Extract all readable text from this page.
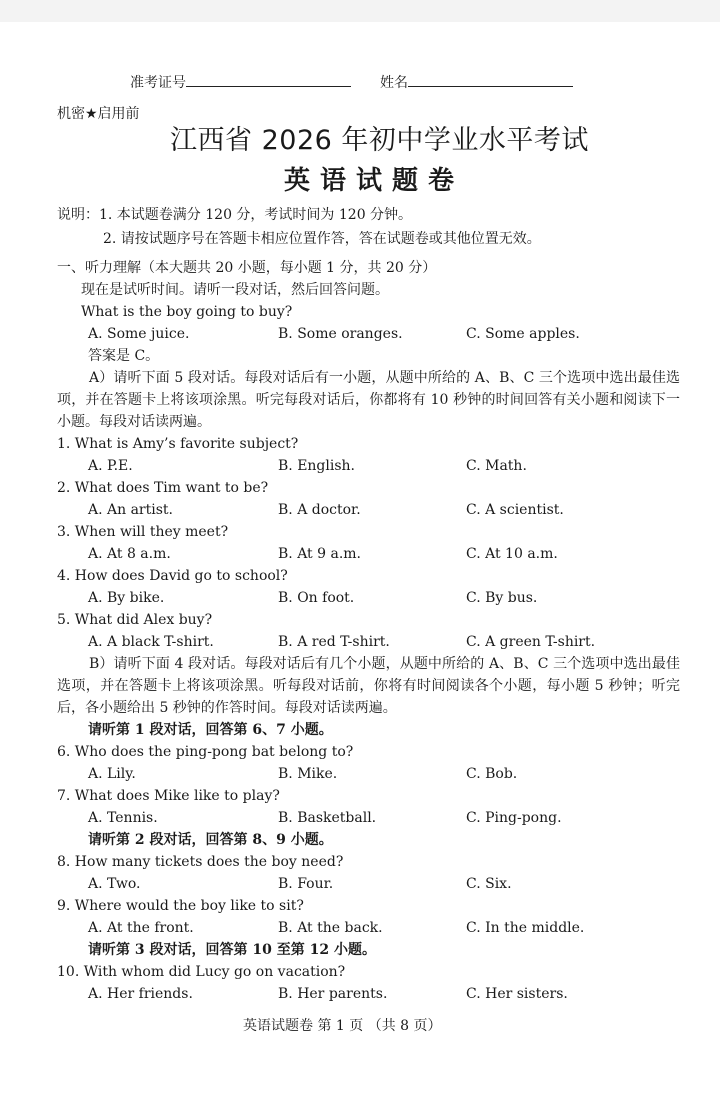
准考证号	姓名
机密★启用前
江西省 2026 年初中学业水平考试
英语试题卷
说明：1. 本试题卷满分 120 分，考试时间为 120 分钟。
2. 请按试题序号在答题卡相应位置作答，答在试题卷或其他位置无效。
一、听力理解（本大题共 20 小题，每小题 1 分，共 20 分）
现在是试听时间。请听一段对话，然后回答问题。
What is the boy going to buy?
A. Some juice.	B. Some oranges.	C. Some apples.
答案是 C。
A）请听下面 5 段对话。每段对话后有一小题，从题中所给的 A、B、C 三个选项中选出最佳选项，并在答题卡上将该项涂黑。听完每段对话后，你都将有 10 秒钟的时间回答有关小题和阅读下一小题。每段对话读两遍。
1. What is Amy’s favorite subject?
A. P.E.	B. English.	C. Math.
2. What does Tim want to be?
A. An artist.	B. A doctor.	C. A scientist.
3. When will they meet?
A. At 8 a.m.	B. At 9 a.m.	C. At 10 a.m.
4. How does David go to school?
A. By bike.	B. On foot.	C. By bus.
5. What did Alex buy?
A. A black T-shirt.	B. A red T-shirt.	C. A green T-shirt.
B）请听下面 4 段对话。每段对话后有几个小题，从题中所给的 A、B、C 三个选项中选出最佳选项，并在答题卡上将该项涂黑。听每段对话前，你将有时间阅读各个小题，每小题 5 秒钟；听完后，各小题给出 5 秒钟的作答时间。每段对话读两遍。
请听第 1 段对话，回答第 6、7 小题。
6. Who does the ping-pong bat belong to?
A. Lily.	B. Mike.	C. Bob.
7. What does Mike like to play?
A. Tennis.	B. Basketball.	C. Ping-pong.
请听第 2 段对话，回答第 8、9 小题。
8. How many tickets does the boy need?
A. Two.	B. Four.	C. Six.
9. Where would the boy like to sit?
A. At the front.	B. At the back.	C. In the middle.
请听第 3 段对话，回答第 10 至第 12 小题。
10. With whom did Lucy go on vacation?
A. Her friends.	B. Her parents.	C. Her sisters.
英语试题卷 第 1 页 （共 8 页）
